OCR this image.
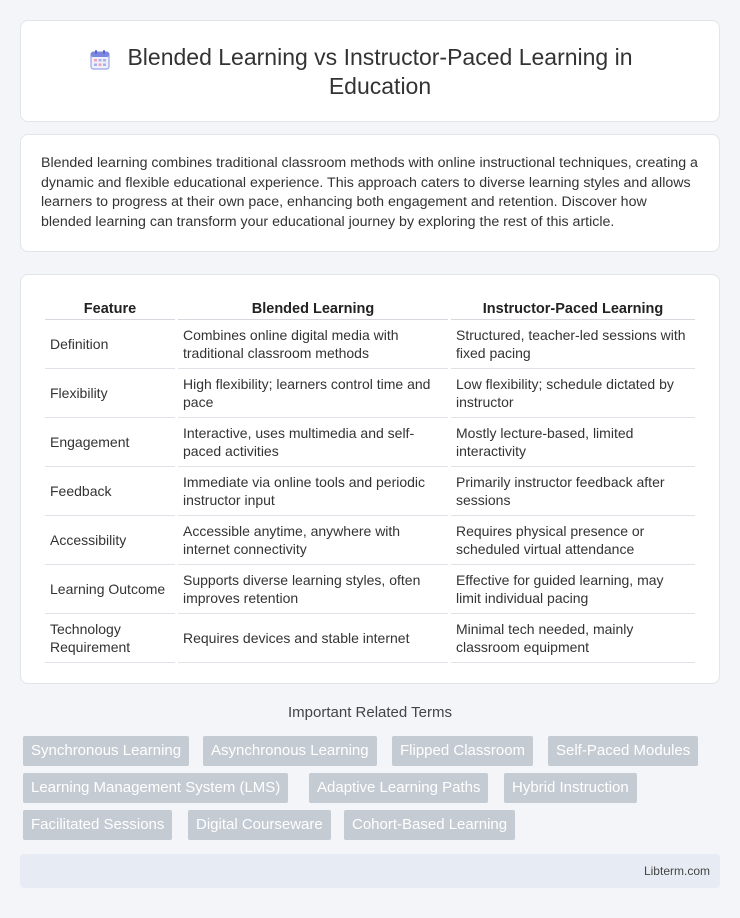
Blended Learning vs Instructor-Paced Learning in Education

Blended learning combines traditional classroom methods with online instructional techniques, creating a dynamic and flexible educational experience. This approach caters to diverse learning styles and allows learners to progress at their own pace, enhancing both engagement and retention. Discover how blended learning can transform your educational journey by exploring the rest of this article.

Feature	Blended Learning	Instructor-Paced Learning
Definition	Combines online digital media with traditional classroom methods	Structured, teacher-led sessions with fixed pacing
Flexibility	High flexibility; learners control time and pace	Low flexibility; schedule dictated by instructor
Engagement	Interactive, uses multimedia and self-paced activities	Mostly lecture-based, limited interactivity
Feedback	Immediate via online tools and periodic instructor input	Primarily instructor feedback after sessions
Accessibility	Accessible anytime, anywhere with internet connectivity	Requires physical presence or scheduled virtual attendance
Learning Outcome	Supports diverse learning styles, often improves retention	Effective for guided learning, may limit individual pacing
Technology Requirement	Requires devices and stable internet	Minimal tech needed, mainly classroom equipment
Important Related Terms
Synchronous Learning	Asynchronous Learning	Flipped Classroom	Self-Paced Modules
Learning Management System (LMS)	Adaptive Learning Paths	Hybrid Instruction
Facilitated Sessions	Digital Courseware	Cohort-Based Learning
Libterm.com
